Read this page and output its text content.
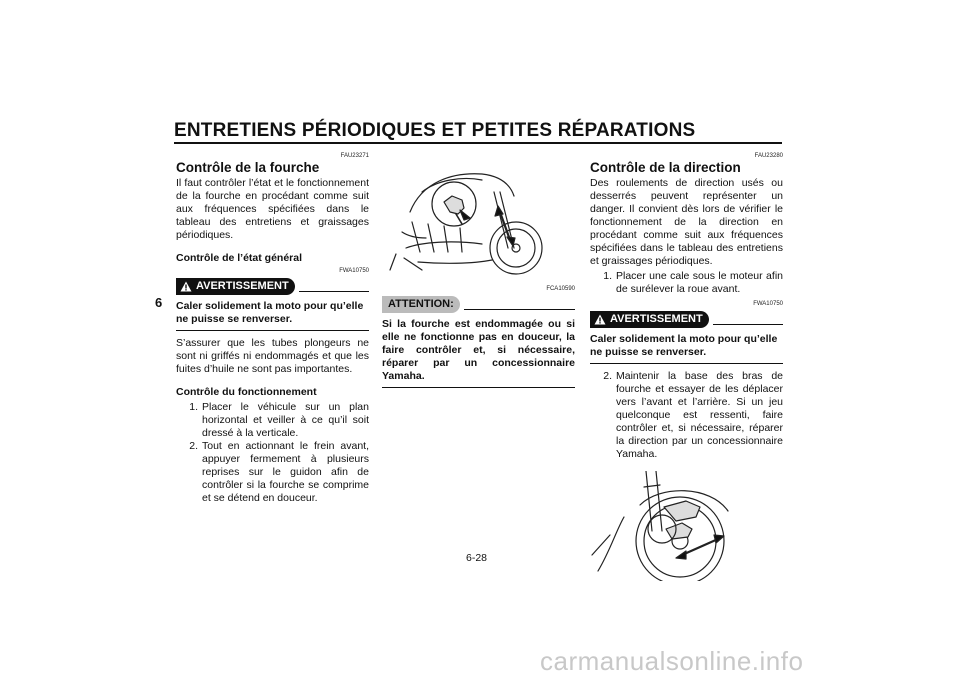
ENTRETIENS PÉRIODIQUES ET PETITES RÉPARATIONS
6
FAU23271
Contrôle de la fourche

Il faut contrôler l’état et le fonctionnement de la fourche en procédant comme suit aux fréquences spécifiées dans le tableau des entretiens et graissages périodiques.

Contrôle de l’état général

FWA10750
AVERTISSEMENT

Caler solidement la moto pour qu’elle ne puisse se renverser.

S’assurer que les tubes plongeurs ne sont ni griffés ni endommagés et que les fuites d’huile ne sont pas importantes.

Contrôle du fonctionnement

1. Placer le véhicule sur un plan horizontal et veiller à ce qu’il soit dressé à la verticale.
2. Tout en actionnant le frein avant, appuyer fermement à plusieurs reprises sur le guidon afin de contrôler si la fourche se comprime et se détend en douceur.
FCA10590
ATTENTION:

Si la fourche est endommagée ou si elle ne fonctionne pas en douceur, la faire contrôler et, si nécessaire, réparer par un concessionnaire Yamaha.

FAU23280
Contrôle de la direction

Des roulements de direction usés ou desserrés peuvent représenter un danger. Il convient dès lors de vérifier le fonctionnement de la direction en procédant comme suit aux fréquences spécifiées dans le tableau des entretiens et graissages périodiques.

1. Placer une cale sous le moteur afin de surélever la roue avant.
FWA10750
AVERTISSEMENT

Caler solidement la moto pour qu’elle ne puisse se renverser.

2. Maintenir la base des bras de fourche et essayer de les déplacer vers l’avant et l’arrière. Si un jeu quelconque est ressenti, faire contrôler et, si nécessaire, réparer la direction par un concessionnaire Yamaha.
6-28
carmanualsonline.info
